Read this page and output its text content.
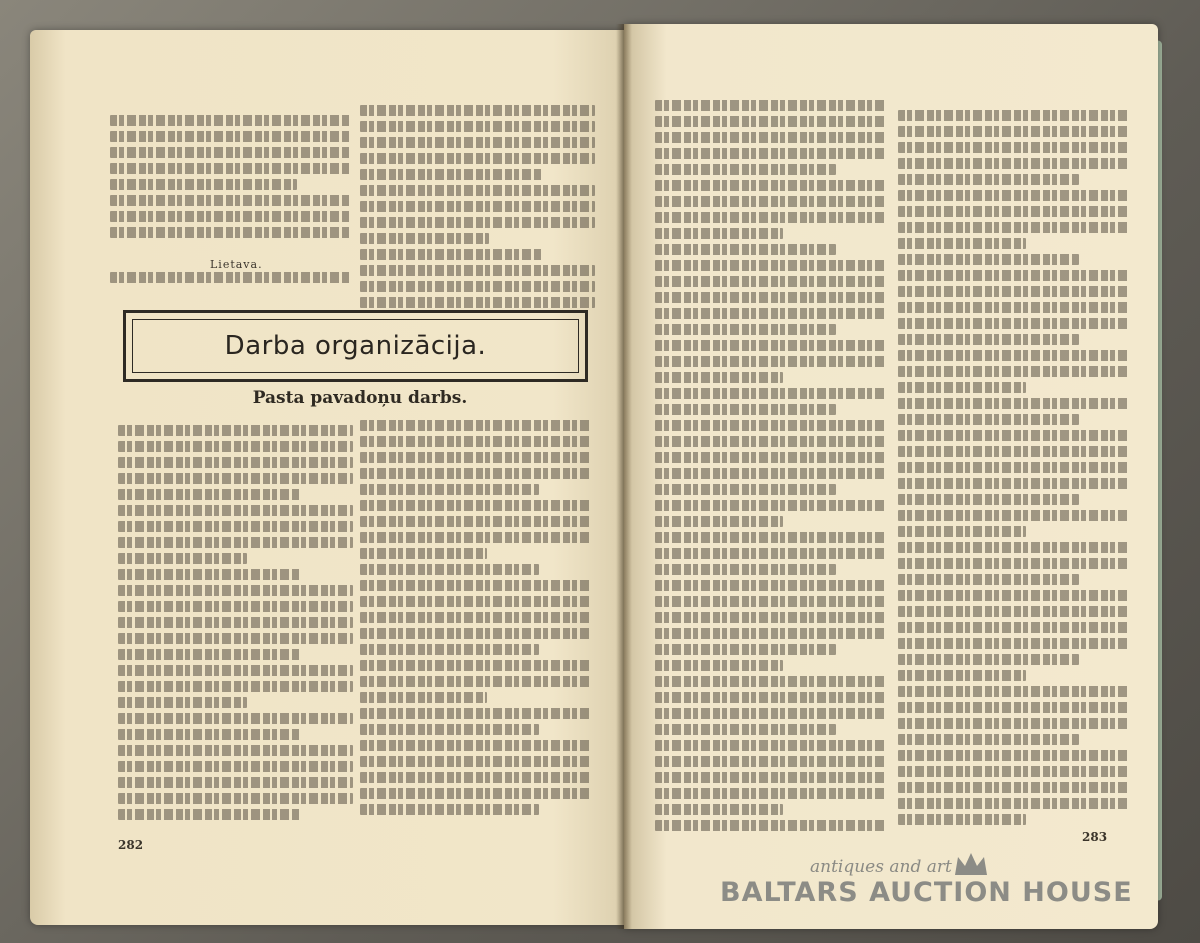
Lietava.
Darba organizācija.
Pasta pavadoņu darbs.
282
283
antiques and art
BALTARS AUCTION HOUSE
